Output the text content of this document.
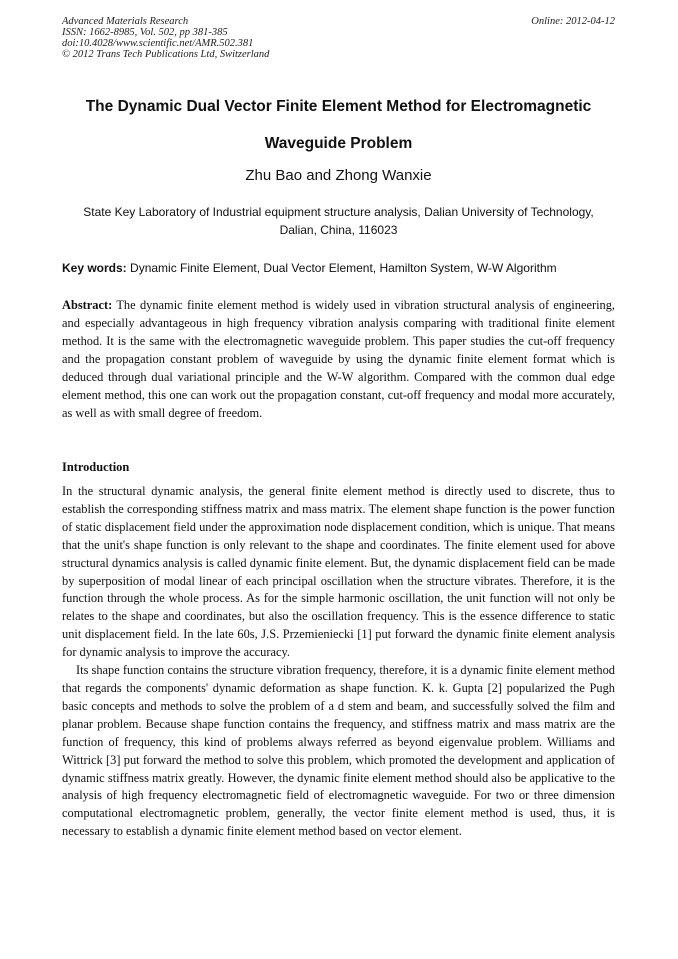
Advanced Materials Research
ISSN: 1662-8985, Vol. 502, pp 381-385
doi:10.4028/www.scientific.net/AMR.502.381
© 2012 Trans Tech Publications Ltd, Switzerland
Online: 2012-04-12
The Dynamic Dual Vector Finite Element Method for Electromagnetic
Waveguide Problem
Zhu Bao and Zhong Wanxie
State Key Laboratory of Industrial equipment structure analysis, Dalian University of Technology,
Dalian, China, 116023
Key words: Dynamic Finite Element, Dual Vector Element, Hamilton System, W-W Algorithm

Abstract: The dynamic finite element method is widely used in vibration structural analysis of engineering, and especially advantageous in high frequency vibration analysis comparing with traditional finite element method. It is the same with the electromagnetic waveguide problem. This paper studies the cut-off frequency and the propagation constant problem of waveguide by using the dynamic finite element format which is deduced through dual variational principle and the W-W algorithm. Compared with the common dual edge element method, this one can work out the propagation constant, cut-off frequency and modal more accurately, as well as with small degree of freedom.

Introduction

In the structural dynamic analysis, the general finite element method is directly used to discrete, thus to establish the corresponding stiffness matrix and mass matrix. The element shape function is the power function of static displacement field under the approximation node displacement condition, which is unique. That means that the unit's shape function is only relevant to the shape and coordinates. The finite element used for above structural dynamics analysis is called dynamic finite element. But, the dynamic displacement field can be made by superposition of modal linear of each principal oscillation when the structure vibrates. Therefore, it is the function through the whole process. As for the simple harmonic oscillation, the unit function will not only be relates to the shape and coordinates, but also the oscillation frequency. This is the essence difference to static unit displacement field. In the late 60s, J.S. Przemieniecki [1] put forward the dynamic finite element analysis for dynamic analysis to improve the accuracy.

Its shape function contains the structure vibration frequency, therefore, it is a dynamic finite element method that regards the components' dynamic deformation as shape function. K. k. Gupta [2] popularized the Pugh basic concepts and methods to solve the problem of a d stem and beam, and successfully solved the film and planar problem. Because shape function contains the frequency, and stiffness matrix and mass matrix are the function of frequency, this kind of problems always referred as beyond eigenvalue problem. Williams and Wittrick [3] put forward the method to solve this problem, which promoted the development and application of dynamic stiffness matrix greatly. However, the dynamic finite element method should also be applicative to the analysis of high frequency electromagnetic field of electromagnetic waveguide. For two or three dimension computational electromagnetic problem, generally, the vector finite element method is used, thus, it is necessary to establish a dynamic finite element method based on vector element.
